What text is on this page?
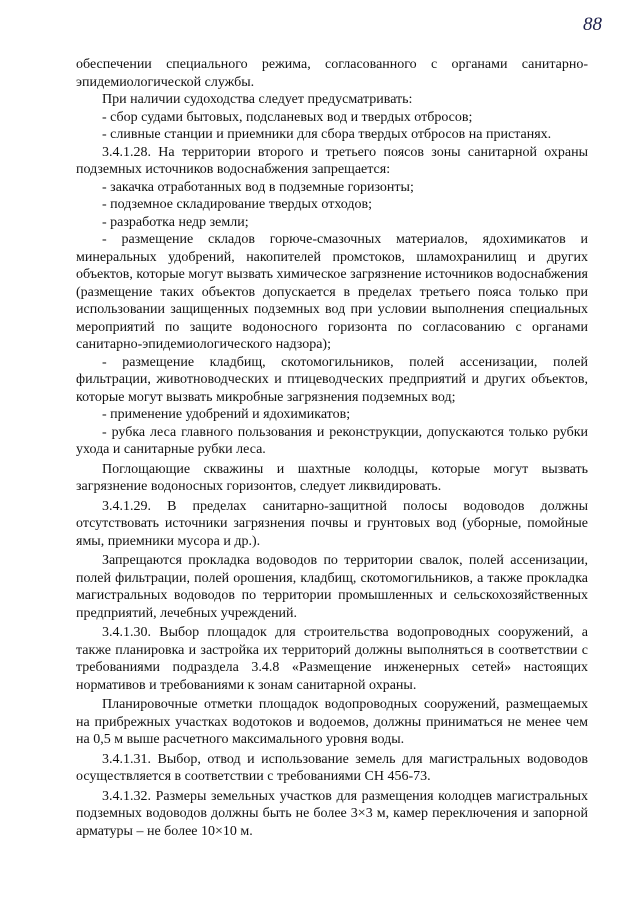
88

обеспечении специального режима, согласованного с органами санитарно-эпидемиологической службы.

При наличии судоходства следует предусматривать:

- сбор судами бытовых, подсланевых вод и твердых отбросов;

- сливные станции и приемники для сбора твердых отбросов на пристанях.

3.4.1.28. На территории второго и третьего поясов зоны санитарной охраны подземных источников водоснабжения запрещается:

- закачка отработанных вод в подземные горизонты;

- подземное складирование твердых отходов;

- разработка недр земли;

- размещение складов горюче-смазочных материалов, ядохимикатов и минеральных удобрений, накопителей промстоков, шламохранилищ и других объектов, которые могут вызвать химическое загрязнение источников водоснабжения (размещение таких объектов допускается в пределах третьего пояса только при использовании защищенных подземных вод при условии выполнения специальных мероприятий по защите водоносного горизонта по согласованию с органами санитарно-эпидемиологического надзора);

- размещение кладбищ, скотомогильников, полей ассенизации, полей фильтрации, животноводческих и птицеводческих предприятий и других объектов, которые могут вызвать микробные загрязнения подземных вод;

- применение удобрений и ядохимикатов;

- рубка леса главного пользования и реконструкции, допускаются только рубки ухода и санитарные рубки леса.

Поглощающие скважины и шахтные колодцы, которые могут вызвать загрязнение водоносных горизонтов, следует ликвидировать.

3.4.1.29. В пределах санитарно-защитной полосы водоводов должны отсутствовать источники загрязнения почвы и грунтовых вод (уборные, помойные ямы, приемники мусора и др.).

Запрещаются прокладка водоводов по территории свалок, полей ассенизации, полей фильтрации, полей орошения, кладбищ, скотомогильников, а также прокладка магистральных водоводов по территории промышленных и сельскохозяйственных предприятий, лечебных учреждений.

3.4.1.30. Выбор площадок для строительства водопроводных сооружений, а также планировка и застройка их территорий должны выполняться в соответствии с требованиями подраздела 3.4.8 «Размещение инженерных сетей» настоящих нормативов и требованиями к зонам санитарной охраны.

Планировочные отметки площадок водопроводных сооружений, размещаемых на прибрежных участках водотоков и водоемов, должны приниматься не менее чем на 0,5 м выше расчетного максимального уровня воды.

3.4.1.31. Выбор, отвод и использование земель для магистральных водоводов осуществляется в соответствии с требованиями СН 456-73.

3.4.1.32. Размеры земельных участков для размещения колодцев магистральных подземных водоводов должны быть не более 3×3 м, камер переключения и запорной арматуры – не более 10×10 м.
